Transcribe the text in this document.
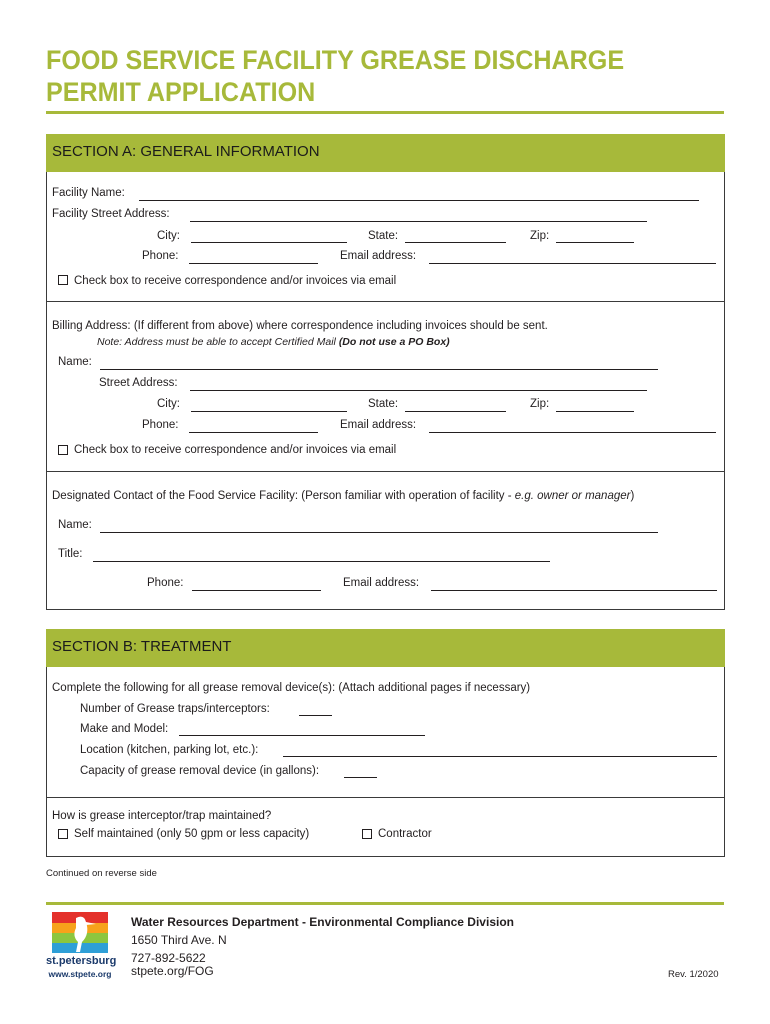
FOOD SERVICE FACILITY GREASE DISCHARGE
PERMIT APPLICATION
SECTION A: GENERAL INFORMATION
Facility Name:
Facility Street Address:
City:	State:	Zip:
Phone:	Email address:
Check box to receive correspondence and/or invoices via email
Billing Address: (If different from above) where correspondence including invoices should be sent.
Note: Address must be able to accept Certified Mail (Do not use a PO Box)
Name:
Street Address:
City:	State:	Zip:
Phone:	Email address:
Check box to receive correspondence and/or invoices via email
Designated Contact of the Food Service Facility: (Person familiar with operation of facility - e.g. owner or manager)
Name:
Title:
Phone:	Email address:
SECTION B: TREATMENT
Complete the following for all grease removal device(s): (Attach additional pages if necessary)
Number of Grease traps/interceptors:
Make and Model:
Location (kitchen, parking lot, etc.):
Capacity of grease removal device (in gallons):
How is grease interceptor/trap maintained?
Self maintained (only 50 gpm or less capacity)	Contractor
Continued on reverse side
st.petersburg
www.stpete.org
Water Resources Department - Environmental Compliance Division
1650 Third Ave. N
727-892-5622
stpete.org/FOG	Rev. 1/2020
